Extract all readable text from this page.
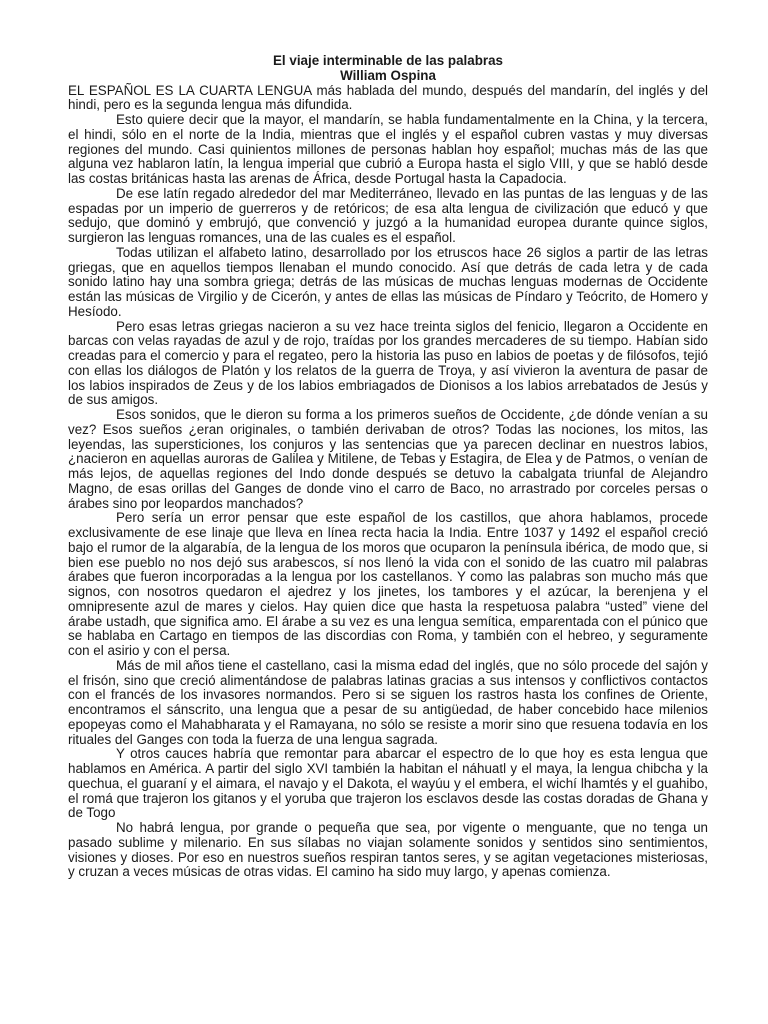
El viaje interminable de las palabras

William Ospina

EL ESPAÑOL ES LA CUARTA LENGUA más hablada del mundo, después del mandarín, del inglés y del hindi, pero es la segunda lengua más difundida.

Esto quiere decir que la mayor, el mandarín, se habla fundamentalmente en la China, y la tercera, el hindi, sólo en el norte de la India, mientras que el inglés y el español cubren vastas y muy diversas regiones del mundo. Casi quinientos millones de personas hablan hoy español; muchas más de las que alguna vez hablaron latín, la lengua imperial que cubrió a Europa hasta el siglo VIII, y que se habló desde las costas británicas hasta las arenas de África, desde Portugal hasta la Capadocia.

De ese latín regado alrededor del mar Mediterráneo, llevado en las puntas de las lenguas y de las espadas por un imperio de guerreros y de retóricos; de esa alta lengua de civilización que educó y que sedujo, que dominó y embrujó, que convenció y juzgó a la humanidad europea durante quince siglos, surgieron las lenguas romances, una de las cuales es el español.

Todas utilizan el alfabeto latino, desarrollado por los etruscos hace 26 siglos a partir de las letras griegas, que en aquellos tiempos llenaban el mundo conocido. Así que detrás de cada letra y de cada sonido latino hay una sombra griega; detrás de las músicas de muchas lenguas modernas de Occidente están las músicas de Virgilio y de Cicerón, y antes de ellas las músicas de Píndaro y Teócrito, de Homero y Hesíodo.

Pero esas letras griegas nacieron a su vez hace treinta siglos del fenicio, llegaron a Occidente en barcas con velas rayadas de azul y de rojo, traídas por los grandes mercaderes de su tiempo. Habían sido creadas para el comercio y para el regateo, pero la historia las puso en labios de poetas y de filósofos, tejió con ellas los diálogos de Platón y los relatos de la guerra de Troya, y así vivieron la aventura de pasar de los labios inspirados de Zeus y de los labios embriagados de Dionisos a los labios arrebatados de Jesús y de sus amigos.

Esos sonidos, que le dieron su forma a los primeros sueños de Occidente, ¿de dónde venían a su vez? Esos sueños ¿eran originales, o también derivaban de otros? Todas las nociones, los mitos, las leyendas, las supersticiones, los conjuros y las sentencias que ya parecen declinar en nuestros labios, ¿nacieron en aquellas auroras de Galilea y Mitilene, de Tebas y Estagira, de Elea y de Patmos, o venían de más lejos, de aquellas regiones del Indo donde después se detuvo la cabalgata triunfal de Alejandro Magno, de esas orillas del Ganges de donde vino el carro de Baco, no arrastrado por corceles persas o árabes sino por leopardos manchados?

Pero sería un error pensar que este español de los castillos, que ahora hablamos, procede exclusivamente de ese linaje que lleva en línea recta hacia la India. Entre 1037 y 1492 el español creció bajo el rumor de la algarabía, de la lengua de los moros que ocuparon la península ibérica, de modo que, si bien ese pueblo no nos dejó sus arabescos, sí nos llenó la vida con el sonido de las cuatro mil palabras árabes que fueron incorporadas a la lengua por los castellanos. Y como las palabras son mucho más que signos, con nosotros quedaron el ajedrez y los jinetes, los tambores y el azúcar, la berenjena y el omnipresente azul de mares y cielos. Hay quien dice que hasta la respetuosa palabra “usted” viene del árabe ustadh, que significa amo. El árabe a su vez es una lengua semítica, emparentada con el púnico que se hablaba en Cartago en tiempos de las discordias con Roma, y también con el hebreo, y seguramente con el asirio y con el persa.

Más de mil años tiene el castellano, casi la misma edad del inglés, que no sólo procede del sajón y el frisón, sino que creció alimentándose de palabras latinas gracias a sus intensos y conflictivos contactos con el francés de los invasores normandos. Pero si se siguen los rastros hasta los confines de Oriente, encontramos el sánscrito, una lengua que a pesar de su antigüedad, de haber concebido hace milenios epopeyas como el Mahabharata y el Ramayana, no sólo se resiste a morir sino que resuena todavía en los rituales del Ganges con toda la fuerza de una lengua sagrada.

Y otros cauces habría que remontar para abarcar el espectro de lo que hoy es esta lengua que hablamos en América. A partir del siglo XVI también la habitan el náhuatl y el maya, la lengua chibcha y la quechua, el guaraní y el aimara, el navajo y el Dakota, el wayúu y el embera, el wichí lhamtés y el guahibo, el romá que trajeron los gitanos y el yoruba que trajeron los esclavos desde las costas doradas de Ghana y de Togo

No habrá lengua, por grande o pequeña que sea, por vigente o menguante, que no tenga un pasado sublime y milenario. En sus sílabas no viajan solamente sonidos y sentidos sino sentimientos, visiones y dioses. Por eso en nuestros sueños respiran tantos seres, y se agitan vegetaciones misteriosas, y cruzan a veces músicas de otras vidas. El camino ha sido muy largo, y apenas comienza.
